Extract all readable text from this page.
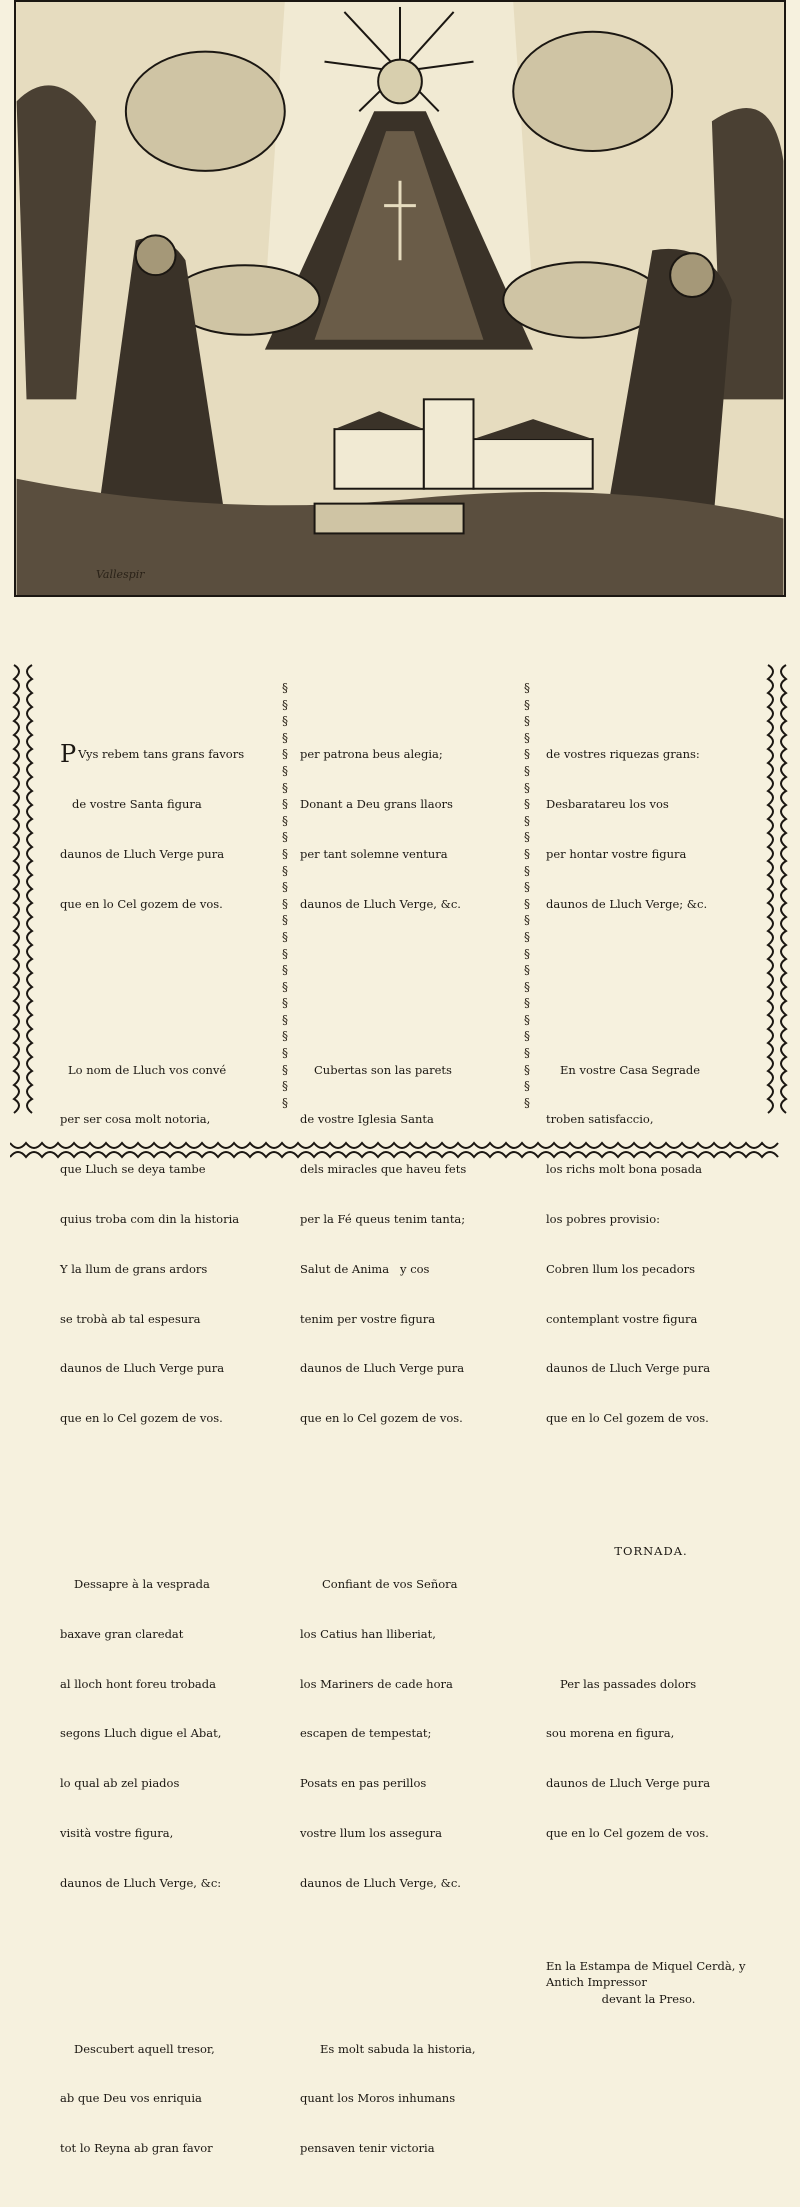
Vallespir

P Vys rebem tans grans favors

de vostre Santa figura

daunos de Lluch Verge pura

que en lo Cel gozem de vos.

Lo nom de Lluch vos convé

per ser cosa molt notoria,

que Lluch se deya tambe

quius troba com din la historia

Y la llum de grans ardors

se trobà ab tal espesura

daunos de Lluch Verge pura

que en lo Cel gozem de vos.

Dessapre à la vesprada

baxave gran claredat

al lloch hont foreu trobada

segons Lluch digue el Abat,

lo qual ab zel piados

visità vostre figura,

daunos de Lluch Verge, &c:

Descubert aquell tresor,

ab que Deu vos enriquia

tot lo Reyna ab gran favor

§
§
§
§
§
§
§
§
§
§
§
§
§
§
§
§
§
§
§
§
§
§
§
§
§
§

per patrona beus alegia;

Donant a Deu grans llaors

per tant solemne ventura

daunos de Lluch Verge, &c.

Cubertas son las parets

de vostre Iglesia Santa

dels miracles que haveu fets

per la Fé queus tenim tanta;

Salut de Anima   y cos

tenim per vostre figura

daunos de Lluch Verge pura

que en lo Cel gozem de vos.

Confiant de vos Señora

los Catius han lliberiat,

los Mariners de cade hora

escapen de tempestat;

Posats en pas perillos

vostre llum los assegura

daunos de Lluch Verge, &c.

Es molt sabuda la historia,

quant los Moros inhumans

pensaven tenir victoria

§
§
§
§
§
§
§
§
§
§
§
§
§
§
§
§
§
§
§
§
§
§
§
§
§
§

de vostres riquezas grans:

Desbaratareu los vos

per hontar vostre figura

daunos de Lluch Verge; &c.

En vostre Casa Segrade

troben satisfaccio,

los richs molt bona posada

los pobres provisio:

Cobren llum los pecadors

contemplant vostre figura

daunos de Lluch Verge pura

que en lo Cel gozem de vos.

TORNADA.

Per las passades dolors

sou morena en figura,

daunos de Lluch Verge pura

que en lo Cel gozem de vos.

En la Estampa de Miquel Cerdà, y Antich Impressor
devant la Preso.
